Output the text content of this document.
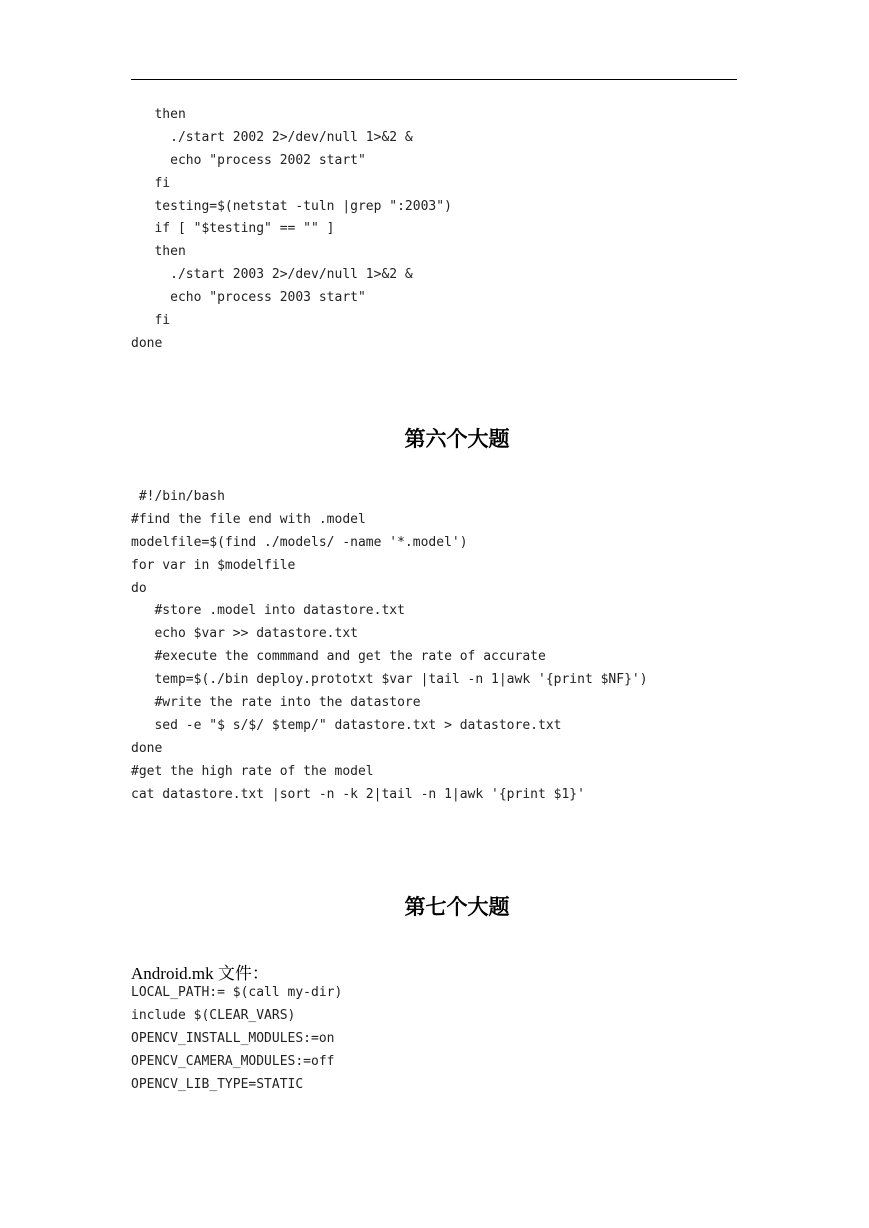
then
./start 2002 2>/dev/null 1>&2 &
echo "process 2002 start"
fi
testing=$(netstat -tuln |grep ":2003")
if [ "$testing" == "" ]
then
./start 2003 2>/dev/null 1>&2 &
echo "process 2003 start"
fi
done
第六个大题
#!/bin/bash
#find the file end with .model
modelfile=$(find ./models/ -name '*.model')
for var in $modelfile
do
#store .model into datastore.txt
echo $var >> datastore.txt
#execute the commmand and get the rate of accurate
temp=$(./bin deploy.prototxt $var |tail -n 1|awk '{print $NF}')
#write the rate into the datastore
sed -e "$ s/$/ $temp/" datastore.txt > datastore.txt
done
#get the high rate of the model
cat datastore.txt |sort -n -k 2|tail -n 1|awk '{print $1}'
第七个大题
Android.mk 文件：
LOCAL_PATH:= $(call my-dir)
include $(CLEAR_VARS)
OPENCV_INSTALL_MODULES:=on
OPENCV_CAMERA_MODULES:=off
OPENCV_LIB_TYPE=STATIC
